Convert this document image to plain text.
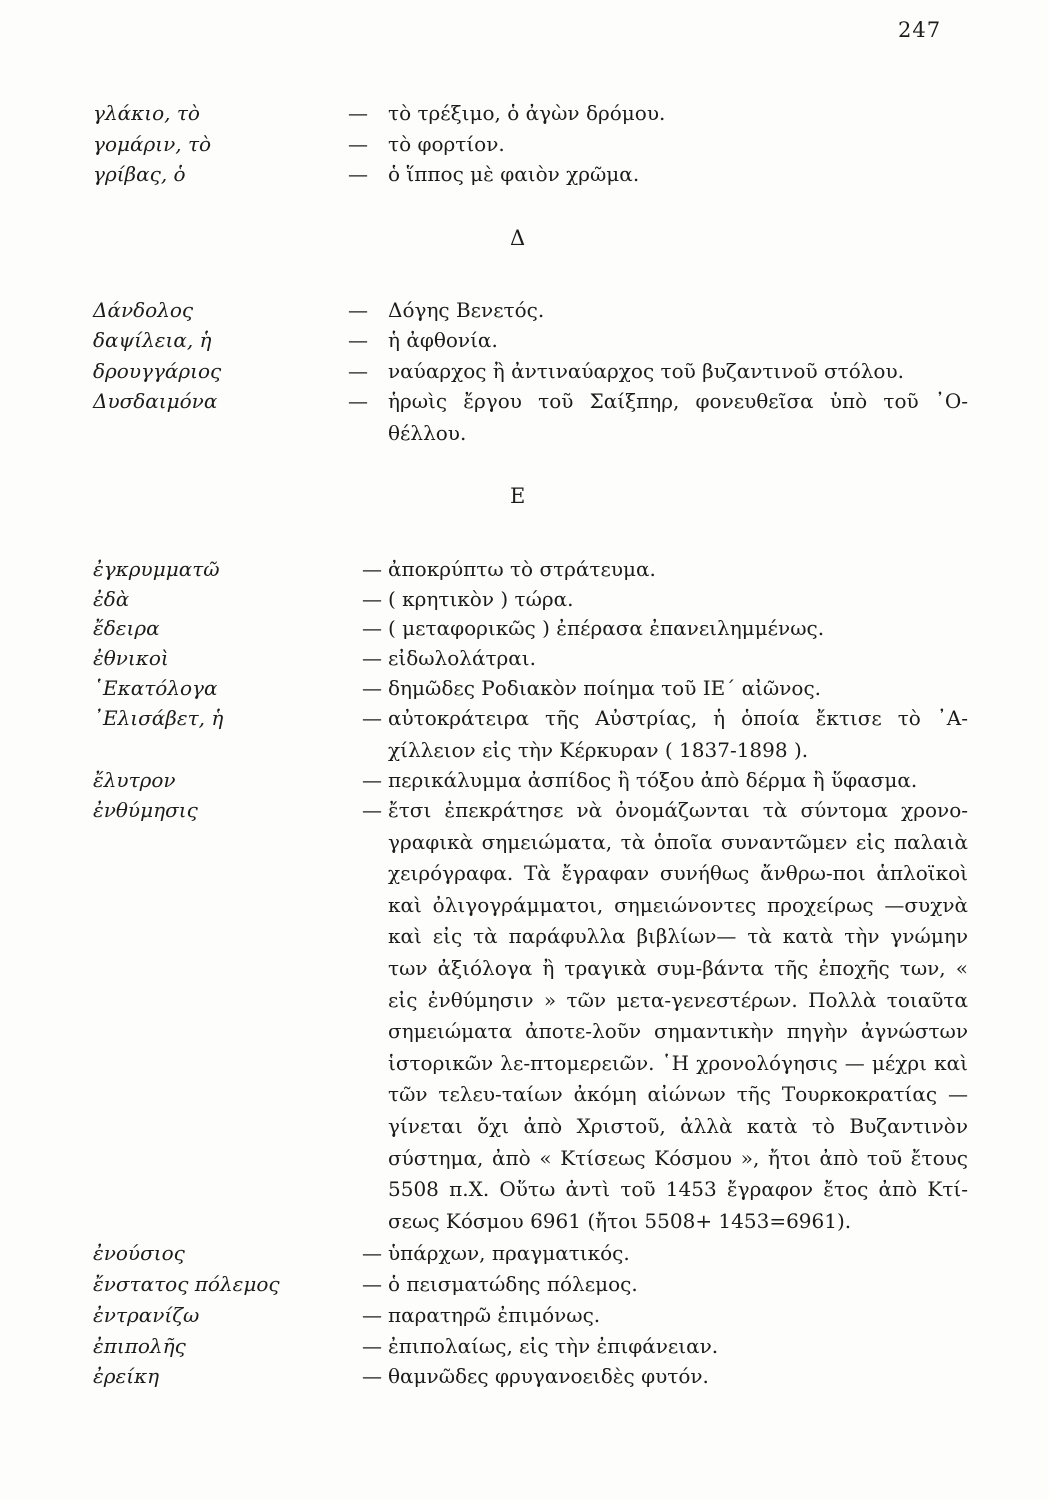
247
γλάκιο, τὸ	— τὸ τρέξιμο, ὁ ἀγὼν δρόμου.
γομάριν, τὸ	— τὸ φορτίον.
γρίβας, ὁ	— ὁ ἵππος μὲ φαιὸν χρῶμα.
Δ
Δάνδολος	— Δόγης Βενετός.
δαψίλεια, ἡ	— ἡ ἀφθονία.
δρουγγάριος	— ναύαρχος ἢ ἀντιναύαρχος τοῦ βυζαντινοῦ στόλου.
Δυσδαιμόνα	— ἡρωὶς ἔργου τοῦ Σαίξπηρ, φονευθεῖσα ὑπὸ τοῦ ᾿Ο-θέλλου.
Ε
ἐγκρυμματῶ	— ἀποκρύπτω τὸ στράτευμα.
ἐδὰ	— ( κρητικὸν ) τώρα.
ἔδειρα	— ( μεταφορικῶς ) ἐπέρασα ἐπανειλημμένως.
ἐθνικοὶ	— εἰδωλολάτραι.
῾Εκατόλογα	— δημῶδες Ροδιακὸν ποίημα τοῦ ΙΕ΄ αἰῶνος.
᾿Ελισάβετ, ἡ	— αὐτοκράτειρα τῆς Αὐστρίας, ἡ ὁποία ἔκτισε τὸ ᾿Α-χίλλειον εἰς τὴν Κέρκυραν ( 1837-1898 ).
ἔλυτρον	— περικάλυμμα ἀσπίδος ἢ τόξου ἀπὸ δέρμα ἢ ὕφασμα.
ἐνθύμησις	— ἔτσι ἐπεκράτησε νὰ ὀνομάζωνται τὰ σύντομα χρονο-γραφικὰ σημειώματα, τὰ ὁποῖα συναντῶμεν εἰς παλαιὰ χειρόγραφα. Τὰ ἔγραφαν συνήθως ἄνθρω-ποι ἁπλοϊκοὶ καὶ ὀλιγογράμματοι, σημειώνοντες προχείρως —συχνὰ καὶ εἰς τὰ παράφυλλα βιβλίων— τὰ κατὰ τὴν γνώμην των ἀξιόλογα ἢ τραγικὰ συμ-βάντα τῆς ἐποχῆς των, « εἰς ἐνθύμησιν » τῶν μετα-γενεστέρων. Πολλὰ τοιαῦτα σημειώματα ἀποτε-λοῦν σημαντικὴν πηγὴν ἀγνώστων ἱστορικῶν λε-πτομερειῶν. ῾Η χρονολόγησις — μέχρι καὶ τῶν τελευ-ταίων ἀκόμη αἰώνων τῆς Τουρκοκρατίας — γίνεται ὄχι ἀπὸ Χριστοῦ, ἀλλὰ κατὰ τὸ Βυζαντινὸν σύστημα, ἀπὸ « Κτίσεως Κόσμου », ἤτοι ἀπὸ τοῦ ἔτους 5508 π.Χ. Οὕτω ἀντὶ τοῦ 1453 ἔγραφον ἔτος ἀπὸ Κτί-σεως Κόσμου 6961 (ἤτοι 5508+ 1453=6961).
ἐνούσιος	— ὑπάρχων, πραγματικός.
ἔνστατος πόλεμος	— ὁ πεισματώδης πόλεμος.
ἐντρανίζω	— παρατηρῶ ἐπιμόνως.
ἐπιπολῆς	— ἐπιπολαίως, εἰς τὴν ἐπιφάνειαν.
ἐρείκη	— θαμνῶδες φρυγανοειδὲς φυτόν.
